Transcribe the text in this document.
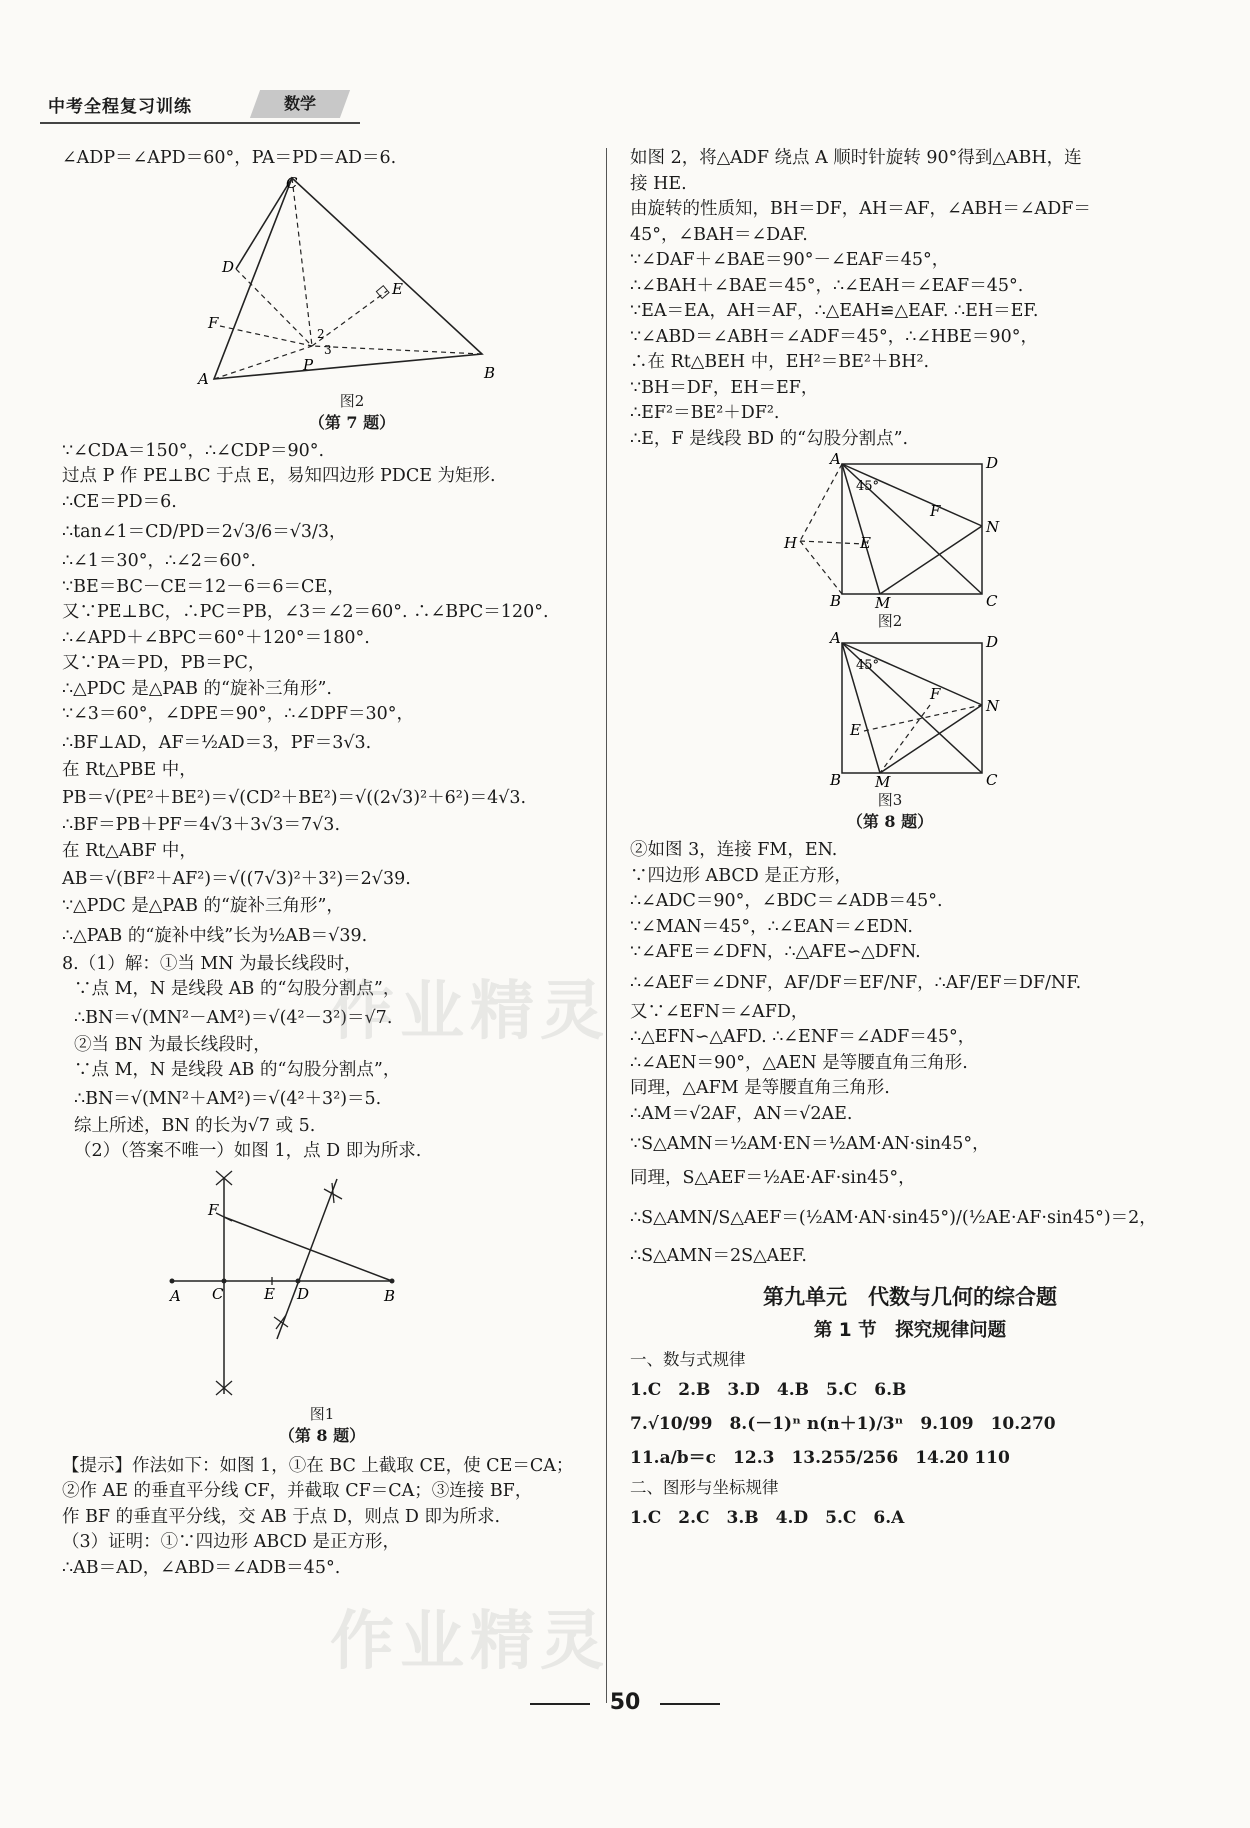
中考全程复习训练	数学
∠ADP＝∠APD＝60°，PA＝PD＝AD＝6.
C
D
E
F
P
A	B
2
3
图2
（第 7 题）
∵∠CDA＝150°，∴∠CDP＝90°.
过点 P 作 PE⊥BC 于点 E，易知四边形 PDCE 为矩形.
∴CE＝PD＝6.
∴tan∠1＝CD/PD＝2√3/6＝√3/3，
∴∠1＝30°，∴∠2＝60°.
∵BE＝BC－CE＝12－6＝6＝CE，
又∵PE⊥BC，∴PC＝PB，∠3＝∠2＝60°. ∴∠BPC＝120°.
∴∠APD＋∠BPC＝60°＋120°＝180°.
又∵PA＝PD，PB＝PC，
∴△PDC 是△PAB 的“旋补三角形”.
∵∠3＝60°，∠DPE＝90°，∴∠DPF＝30°，
∴BF⊥AD，AF＝½AD＝3，PF＝3√3.
在 Rt△PBE 中，
PB＝√(PE²＋BE²)＝√(CD²＋BE²)＝√((2√3)²＋6²)＝4√3.
∴BF＝PB＋PF＝4√3＋3√3＝7√3.
在 Rt△ABF 中，
AB＝√(BF²＋AF²)＝√((7√3)²＋3²)＝2√39.
∵△PDC 是△PAB 的“旋补三角形”，
∴△PAB 的“旋补中线”长为½AB＝√39.
8.（1）解：①当 MN 为最长线段时，
∵点 M，N 是线段 AB 的“勾股分割点”，
∴BN＝√(MN²－AM²)＝√(4²－3²)＝√7.
②当 BN 为最长线段时，
∵点 M，N 是线段 AB 的“勾股分割点”，
∴BN＝√(MN²＋AM²)＝√(4²＋3²)＝5.
综上所述，BN 的长为√7 或 5.
（2）（答案不唯一）如图 1，点 D 即为所求.
A C
F
E D	B
图1
（第 8 题）
【提示】作法如下：如图 1，①在 BC 上截取 CE，使 CE＝CA；
②作 AE 的垂直平分线 CF，并截取 CF＝CA；③连接 BF，
作 BF 的垂直平分线，交 AB 于点 D，则点 D 即为所求.
（3）证明：①∵四边形 ABCD 是正方形，
∴AB＝AD，∠ABD＝∠ADB＝45°.
如图 2，将△ADF 绕点 A 顺时针旋转 90°得到△ABH，连
接 HE.
由旋转的性质知，BH＝DF，AH＝AF，∠ABH＝∠ADF＝
45°，∠BAH＝∠DAF.
∵∠DAF＋∠BAE＝90°－∠EAF＝45°，
∴∠BAH＋∠BAE＝45°，∴∠EAH＝∠EAF＝45°.
∵EA＝EA，AH＝AF，∴△EAH≌△EAF. ∴EH＝EF.
∵∠ABD＝∠ABH＝∠ADF＝45°，∴∠HBE＝90°，
∴在 Rt△BEH 中，EH²＝BE²＋BH².
∵BH＝DF，EH＝EF，
∴EF²＝BE²＋DF².
∴E，F 是线段 BD 的“勾股分割点”.
A	D
H
B M	C
N
F
E
45°
图2
A	D
B M	C
N
F
E
45°
图3
（第 8 题）
②如图 3，连接 FM，EN.
∵四边形 ABCD 是正方形，
∴∠ADC＝90°，∠BDC＝∠ADB＝45°.
∵∠MAN＝45°，∴∠EAN＝∠EDN.
∵∠AFE＝∠DFN，∴△AFE∽△DFN.
∴∠AEF＝∠DNF，AF/DF＝EF/NF，∴AF/EF＝DF/NF.
又∵∠EFN＝∠AFD，
∴△EFN∽△AFD. ∴∠ENF＝∠ADF＝45°，
∴∠AEN＝90°，△AEN 是等腰直角三角形.
同理，△AFM 是等腰直角三角形.
∴AM＝√2AF，AN＝√2AE.
∵S△AMN＝½AM·EN＝½AM·AN·sin45°，
同理，S△AEF＝½AE·AF·sin45°，
∴S△AMN/S△AEF＝(½AM·AN·sin45°)/(½AE·AF·sin45°)＝2，
∴S△AMN＝2S△AEF.
第九单元　代数与几何的综合题
第 1 节　探究规律问题
一、数与式规律
1.C　2.B　3.D　4.B　5.C　6.B
7.√10/99　8.(－1)ⁿ n(n＋1)/3ⁿ　9.109　10.270
11.a/b＝c　12.3　13.255/256　14.20 110
二、图形与坐标规律
1.C　2.C　3.B　4.D　5.C　6.A
作业精灵
作业精灵
50
